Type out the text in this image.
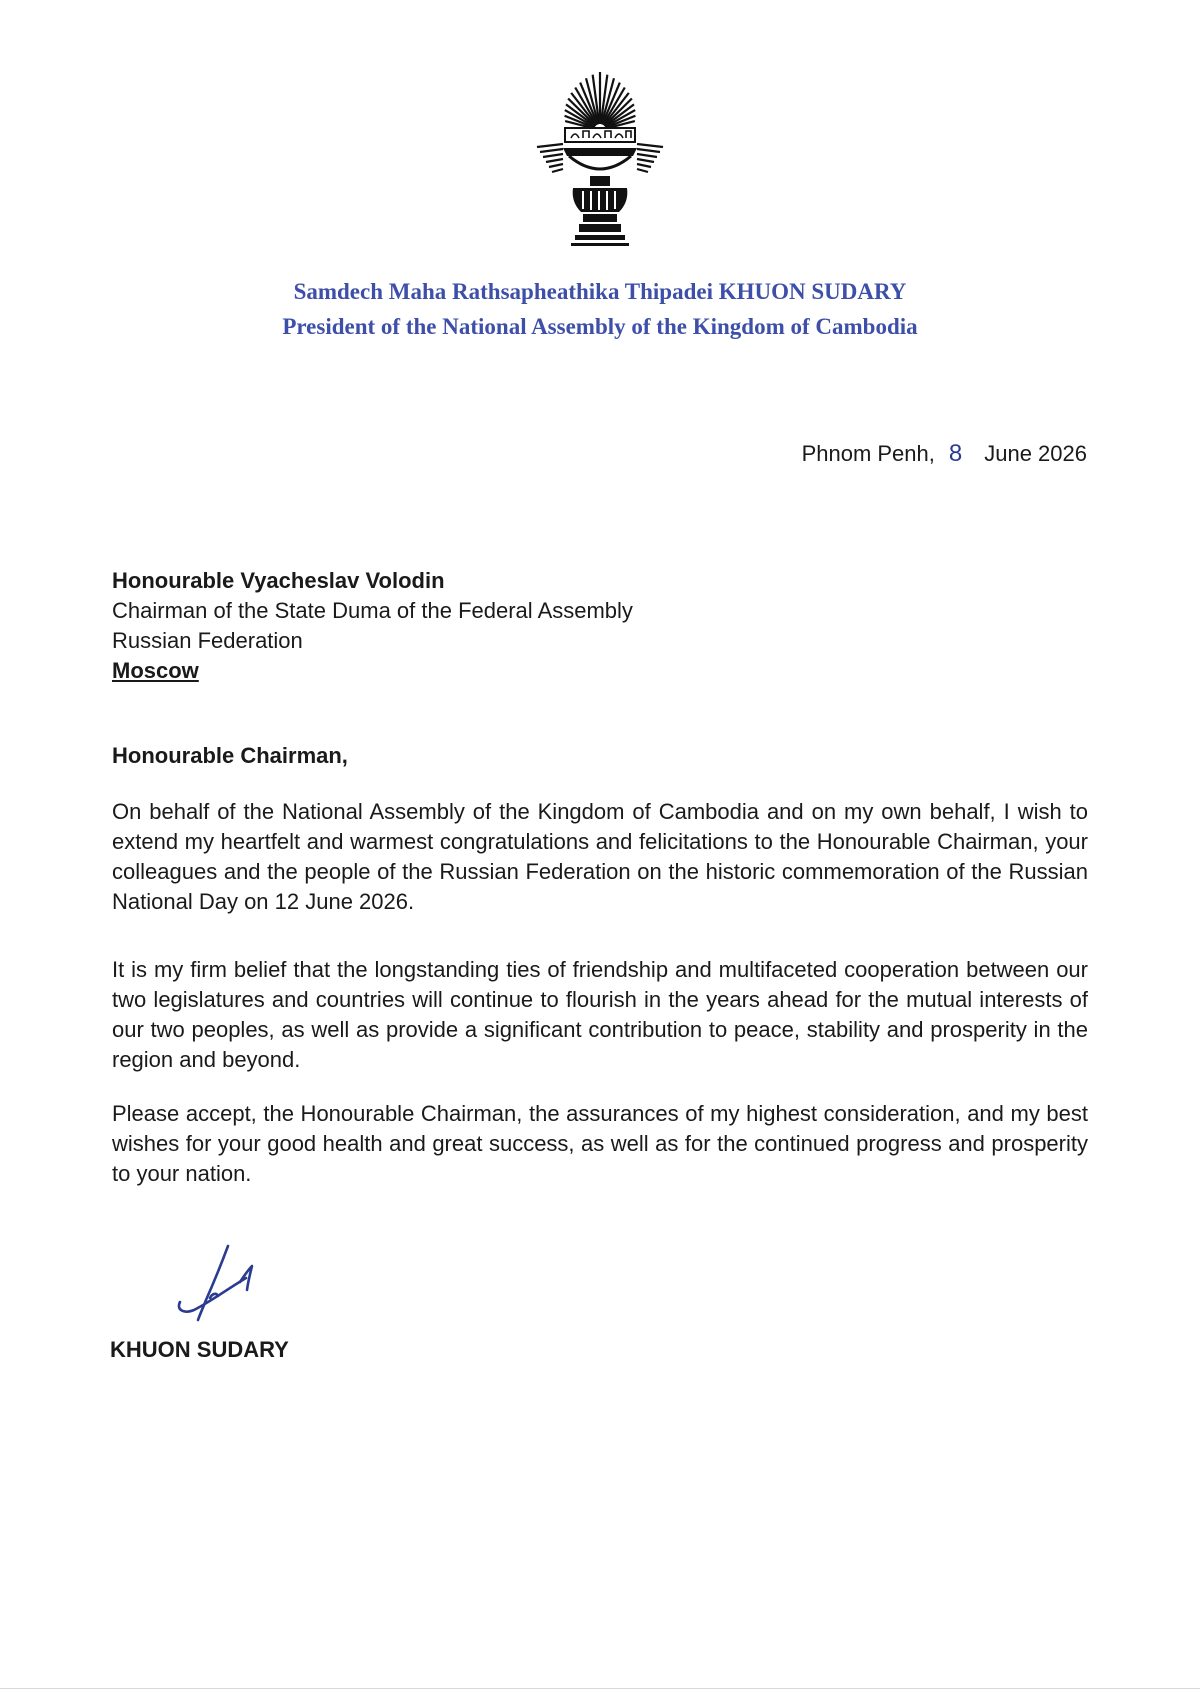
Samdech Maha Rathsapheathika Thipadei KHUON SUDARY
President of the National Assembly of the Kingdom of Cambodia
Phnom Penh, 8 June 2026
Honourable Vyacheslav Volodin
Chairman of the State Duma of the Federal Assembly
Russian Federation
Moscow
Honourable Chairman,
On behalf of the National Assembly of the Kingdom of Cambodia and on my own behalf, I wish to extend my heartfelt and warmest congratulations and felicitations to the Honourable Chairman, your colleagues and the people of the Russian Federation on the historic commemoration of the Russian National Day on 12 June 2026.
It is my firm belief that the longstanding ties of friendship and multifaceted cooperation between our two legislatures and countries will continue to flourish in the years ahead for the mutual interests of our two peoples, as well as provide a significant contribution to peace, stability and prosperity in the region and beyond.
Please accept, the Honourable Chairman, the assurances of my highest consideration, and my best wishes for your good health and great success, as well as for the continued progress and prosperity to your nation.
KHUON SUDARY
